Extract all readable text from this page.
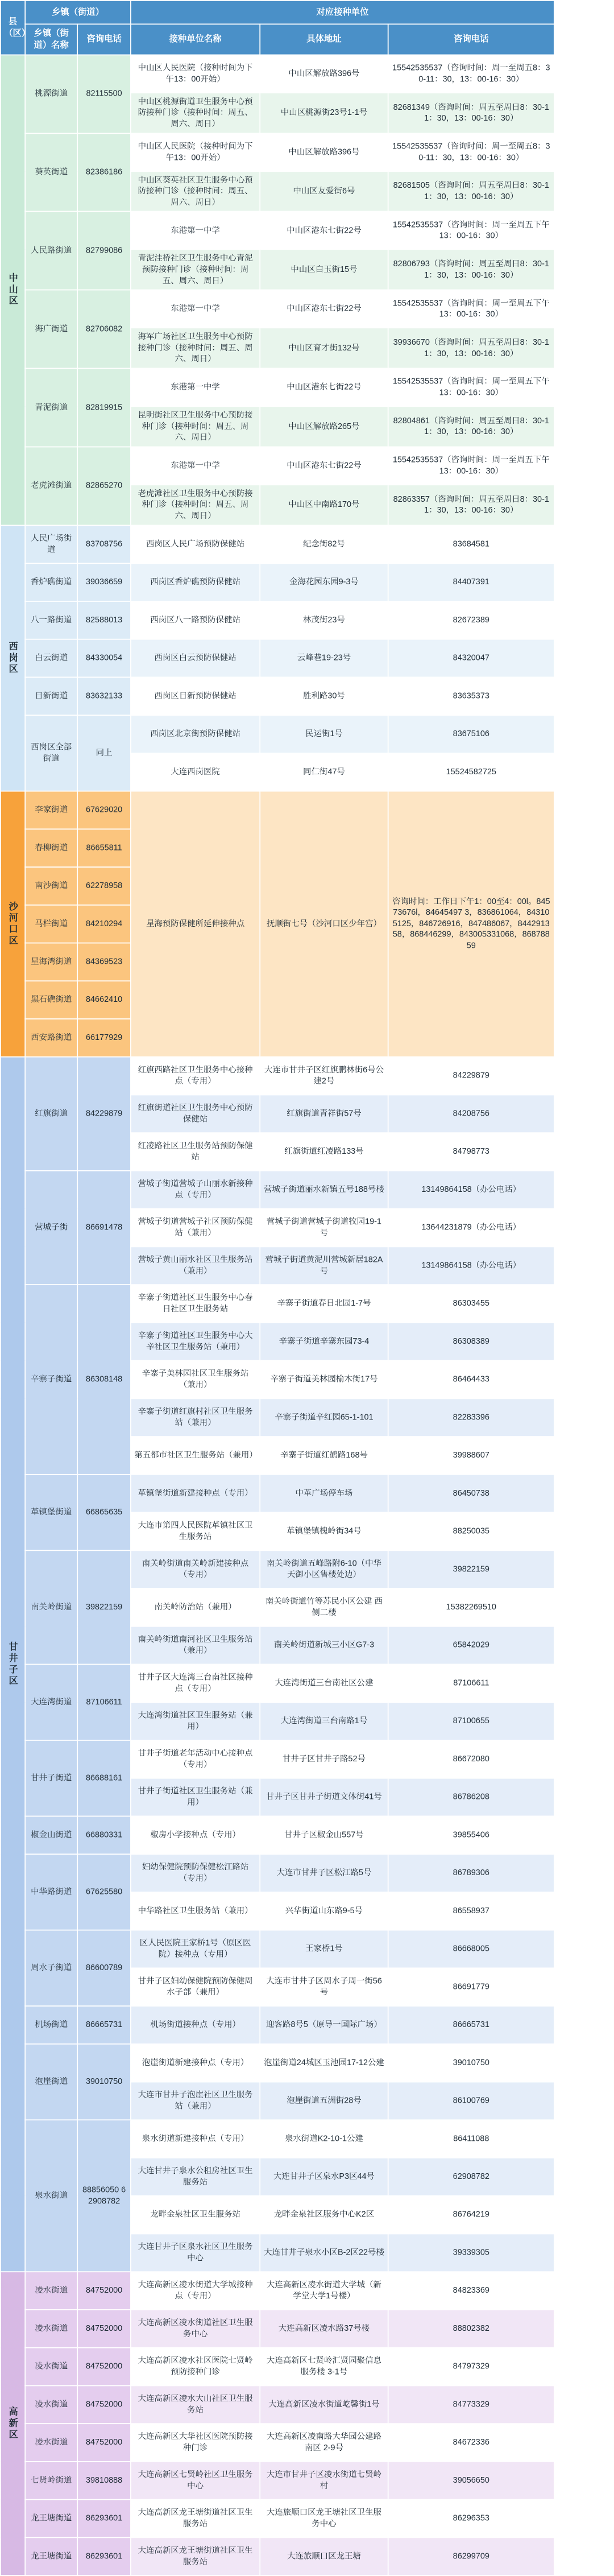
县（区）	乡镇（街道）		对应接种单位		
	乡镇（街道）名称	咨询电话	接种单位名称	具体地址	咨询电话
中山区	桃源街道	82115500	中山区人民医院（接种时间为下午13：00开始）	中山区解放路396号	15542535537（咨询时间：周一至周五8：30-11：30，13：00-16：30）
			中山区桃源街道卫生服务中心预防接种门诊（接种时间：周五、周六、周日）	中山区桃源街23号1-1号	82681349（咨询时间：周五至周日8：30-11：30，13：00-16：30）
	葵英街道	82386186	中山区人民医院（接种时间为下午13：00开始）	中山区解放路396号	15542535537（咨询时间：周一至周五8：30-11：30，13：00-16：30）
			中山区葵英社区卫生服务中心预防接种门诊（接种时间：周五、周六、周日）	中山区友爱街6号	82681505（咨询时间：周五至周日8：30-11：30，13：00-16：30）
	人民路街道	82799086	东港第一中学	中山区港东七街22号	15542535537（咨询时间：周一至周五下午13：00-16：30）
			青泥洼桥社区卫生服务中心青泥预防接种门诊（接种时间：周五、周六、周日）	中山区白玉街15号	82806793（咨询时间：周五至周日8：30-11：30，13：00-16：30）
	海广街道	82706082	东港第一中学	中山区港东七街22号	15542535537（咨询时间：周一至周五下午13：00-16：30）
			海军广场社区卫生服务中心预防接种门诊（接种时间：周五、周六、周日）	中山区育才街132号	39936670（咨询时间：周五至周日8：30-11：30，13：00-16：30）
	青泥街道	82819915	东港第一中学	中山区港东七街22号	15542535537（咨询时间：周一至周五下午13：00-16：30）
			昆明街社区卫生服务中心预防接种门诊（接种时间：周五、周六、周日）	中山区解放路265号	82804861（咨询时间：周五至周日8：30-11：30，13：00-16：30）
	老虎滩街道	82865270	东港第一中学	中山区港东七街22号	15542535537（咨询时间：周一至周五下午13：00-16：30）
			老虎滩社区卫生服务中心预防接种门诊（接种时间：周五、周六、周日）	中山区中南路170号	82863357（咨询时间：周五至周日8：30-11：30，13：00-16：30）
西岗区	人民广场街道	83708756	西岗区人民广场预防保健站	纪念街82号	83684581
	香炉礁街道	39036659	西岗区香炉礁预防保健站	金海花园东园9-3号	84407391
	八一路街道	82588013	西岗区八一路预防保健站	林茂街23号	82672389
	白云街道	84330054	西岗区白云预防保健站	云峰巷19-23号	84320047
	日新街道	83632133	西岗区日新预防保健站	胜利路30号	83635373
	西岗区全部街道	同上	西岗区北京街预防保健站	民运街1号	83675106
			大连西岗医院	同仁街47号	15524582725
沙河口区	李家街道	67629020	星海预防保健所延伸接种点	抚顺街七号（沙河口区少年宫）	咨询时间：工作日下午1：00至4：00l。84573676l，84645497 3，836861064，843105125，846726916，847486067，844291358，868446299，843005331068，86878859
	春柳街道	86655811			
	南沙街道	62278958			
	马栏街道	84210294			
	星海湾街道	84369523			
	黑石礁街道	84662410			
	西安路街道	66177929			
甘井子区	红旗街道	84229879	红旗西路社区卫生服务中心接种点（专用）	大连市甘井子区红旗鹏林街6号公建2号	84229879
			红旗街道社区卫生服务中心预防保健站	红旗街道青祥街57号	84208756
			红凌路社区卫生服务站预防保健站	红旗街道红凌路133号	84798773
	营城子街	86691478	营城子街道营城子山丽水新接种点（专用）	营城子街道丽水新镇五号188号楼	13149864158（办公电话）
			营城子街道营城子社区预防保健站（兼用）	营城子街道营城子街道牧园19-1号	13644231879（办公电话）
			营城子黄山丽水社区卫生服务站（兼用）	营城子街道黄泥川营城新居182A号	13149864158（办公电话）
	辛寨子街道	86308148	辛寨子街道社区卫生服务中心春日社区卫生服务站	辛寨子街道春日北园1-7号	86303455
			辛寨子街道社区卫生服务中心大辛社区卫生服务站（兼用）	辛寨子街道辛寨东园73-4	86308389
			辛寨子美林园社区卫生服务站（兼用）	辛寨子街道美林园榆木街17号	86464433
			辛寨子街道红旗村社区卫生服务站（兼用）	辛寨子街道辛红园65-1-101	82283396
			第五都市社区卫生服务站（兼用）	辛寨子街道红鹤路168号	39988607
	革镇堡街道	66865635	革镇堡街道新建接种点（专用）	中革广场停车场	86450738
			大连市第四人民医院革镇社区卫生服务站	革镇堡镇槐岭街34号	88250035
	南关岭街道	39822159	南关岭街道南关岭新建接种点（专用）	南关岭街道五峰路附6-10（中华天御小区售楼处边）	39822159
			南关岭防治站（兼用）	南关岭街道竹等苏民小区公建 西侧二楼	15382269510
			南关岭街道南河社区卫生服务站（兼用）	南关岭街道新城三小区G7-3	65842029
	大连湾街道	87106611	甘井子区大连湾三台南社区接种点（专用）	大连湾街道三台南社区公建	87106611
			大连湾街道社区卫生服务站（兼用）	大连湾街道三台南路1号	87100655
	甘井子街道	86688161	甘井子街道老年活动中心接种点（专用）	甘井子区甘井子路52号	86672080
			甘井子街道社区卫生服务站（兼用）	甘井子区甘井子街道文体街41号	86786208
	椒金山街道	66880331	椒房小学接种点（专用）	甘井子区椒金山557号	39855406
	中华路街道	67625580	妇幼保健院预防保健松江路站（专用）	大连市甘井子区松江路5号	86789306
			中华路社区卫生服务站（兼用）	兴华街道山东路9-5号	86558937
	周水子街道	86600789	区人民医院王家桥1号（原区医院）接种点（专用）	王家桥1号	86668005
			甘井子区妇幼保健院预防保健周水子部（兼用）	大连市甘井子区周水子周一街56号	86691779
	机场街道	86665731	机场街道接种点（专用）	迎客路8号5（原导一国际广场）	86665731
	泡崖街道	39010750	泡崖街道新建接种点（专用）	泡崖街道24城区玉池园17-12公建	39010750
			大连市甘井子泡崖社区卫生服务站（兼用）	泡崖街道五洲街28号	86100769
	泉水街道	88856050 62908782	泉水街道新建接种点（专用）	泉水街道K2-10-1公建	86411088
			大连甘井子泉水公租房社区卫生服务站	大连甘井子区泉水P3区44号	62908782
			龙畔金泉社区卫生服务站	龙畔金泉社区服务中心K2区	86764219
			大连甘井子区泉水社区卫生服务中心	大连甘井子泉水小区B-2区22号楼	39339305
高新区	凌水街道	84752000	大连高新区凌水街道大学城接种点（专用）	大连高新区凌水街道大学城（新学堂大学1号楼）	84823369
	凌水街道	84752000	大连高新区凌水街道社区卫生服务中心	大连高新区凌水路37号楼	88802382
	凌水街道	84752000	大连高新区凌水社区医院七贤岭预防接种门诊	大连高新区七贤岭汇贤园聚信息服务楼 3-1号	84797329
	凌水街道	84752000	大连高新区凌水大山社区卫生服务站	大连高新区凌水街道屹馨街1号	84773329
	凌水街道	84752000	大连高新区大华社区医院预防接种门诊	大连高新区凌南路大华园公建路南区 2-9号	84672336
	七贤岭街道	39810888	大连高新区七贤岭社区卫生服务中心	大连市甘井子区凌水街道七贤岭村	39056650
	龙王塘街道	86293601	大连高新区龙王塘街道社区卫生服务站	大连旅顺口区龙王塘社区卫生服务中心	86296353
	龙王塘街道	86293601	大连高新区龙王塘街道社区卫生服务站	大连旅顺口区龙王塘	86299709
